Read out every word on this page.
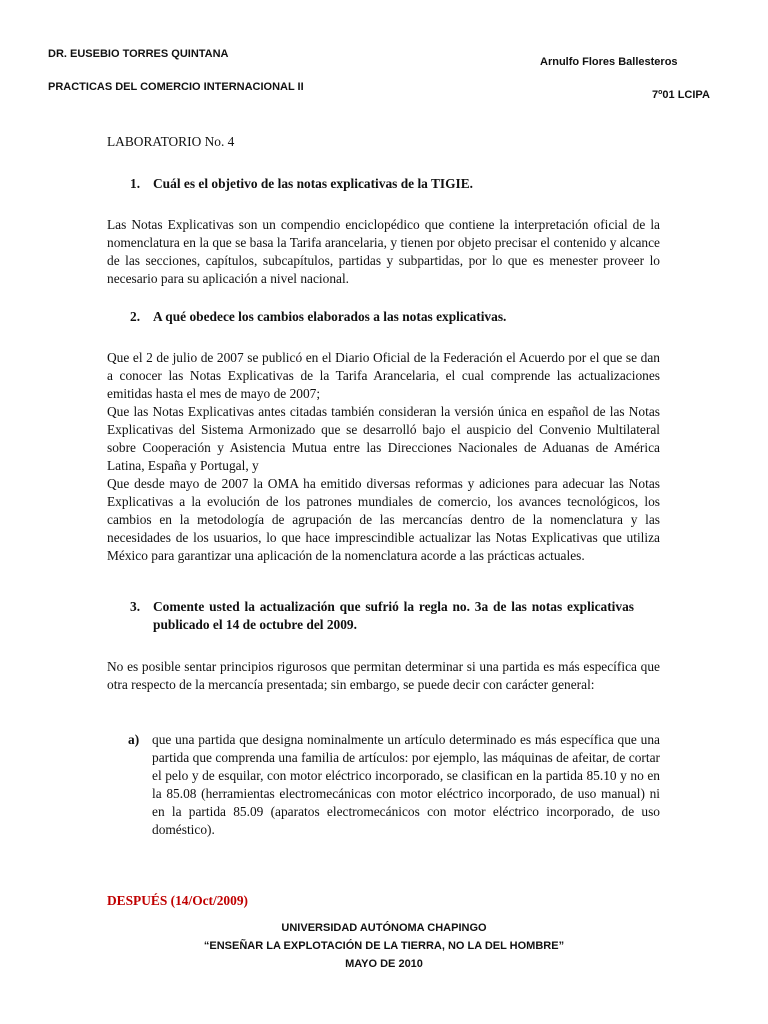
DR. EUSEBIO TORRES QUINTANA
PRACTICAS DEL COMERCIO INTERNACIONAL II
Arnulfo Flores Ballesteros
7$^o$01 LCIPA
LABORATORIO No. 4
1. Cuál es el objetivo de las notas explicativas de la TIGIE.

Las Notas Explicativas son un compendio enciclopédico que contiene la interpretación oficial de la nomenclatura en la que se basa la Tarifa arancelaria, y tienen por objeto precisar el contenido y alcance de las secciones, capítulos, subcapítulos, partidas y subpartidas, por lo que es menester proveer lo necesario para su aplicación a nivel nacional.

2. A qué obedece los cambios elaborados a las notas explicativas.
Que el 2 de julio de 2007 se publicó en el Diario Oficial de la Federación el Acuerdo por el que se dan a conocer las Notas Explicativas de la Tarifa Arancelaria, el cual comprende las actualizaciones emitidas hasta el mes de mayo de 2007;
Que las Notas Explicativas antes citadas también consideran la versión única en español de las Notas Explicativas del Sistema Armonizado que se desarrolló bajo el auspicio del Convenio Multilateral sobre Cooperación y Asistencia Mutua entre las Direcciones Nacionales de Aduanas de América Latina, España y Portugal, y
Que desde mayo de 2007 la OMA ha emitido diversas reformas y adiciones para adecuar las Notas Explicativas a la evolución de los patrones mundiales de comercio, los avances tecnológicos, los cambios en la metodología de agrupación de las mercancías dentro de la nomenclatura y las necesidades de los usuarios, lo que hace imprescindible actualizar las Notas Explicativas que utiliza México para garantizar una aplicación de la nomenclatura acorde a las prácticas actuales.
3. Comente usted la actualización que sufrió la regla no. 3a de las notas explicativas publicado el 14 de octubre del 2009.

No es posible sentar principios rigurosos que permitan determinar si una partida es más específica que otra respecto de la mercancía presentada; sin embargo, se puede decir con carácter general:

a) que una partida que designa nominalmente un artículo determinado es más específica que una partida que comprenda una familia de artículos: por ejemplo, las máquinas de afeitar, de cortar el pelo y de esquilar, con motor eléctrico incorporado, se clasifican en la partida 85.10 y no en la 85.08 (herramientas electromecánicas con motor eléctrico incorporado, de uso manual) ni en la partida 85.09 (aparatos electromecánicos con motor eléctrico incorporado, de uso doméstico).
DESPUÉS (14/Oct/2009)
UNIVERSIDAD AUTÓNOMA CHAPINGO
“ENSEÑAR LA EXPLOTACIÓN DE LA TIERRA, NO LA DEL HOMBRE”
MAYO DE 2010
